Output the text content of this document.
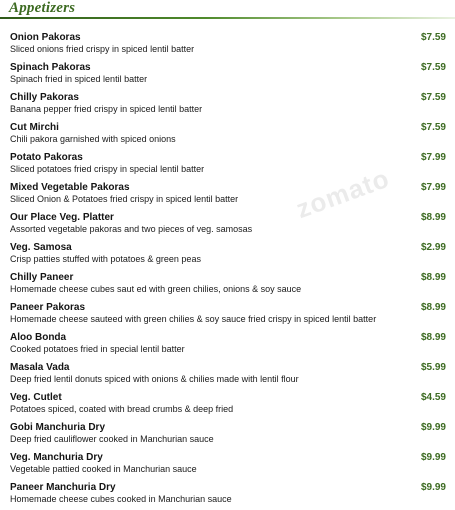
Appetizers
Onion Pakoras
Sliced onions fried crispy in spiced lentil batter
$7.59
Spinach Pakoras
Spinach fried in spiced lentil batter
$7.59
Chilly Pakoras
Banana pepper fried crispy in spiced lentil batter
$7.59
Cut Mirchi
Chili pakora garnished with spiced onions
$7.59
Potato Pakoras
Sliced potatoes fried crispy in special lentil batter
$7.99
Mixed Vegetable Pakoras
Sliced Onion & Potatoes fried crispy in spiced lentil batter
$7.99
Our Place Veg. Platter
Assorted vegetable pakoras and two pieces of veg. samosas
$8.99
Veg. Samosa
Crisp patties stuffed with potatoes & green peas
$2.99
Chilly Paneer
Homemade cheese cubes saut ed with green chilies, onions & soy sauce
$8.99
Paneer Pakoras
Homemade cheese sauteed with green chilies & soy sauce fried crispy in spiced lentil batter
$8.99
Aloo Bonda
Cooked potatoes fried in special lentil batter
$8.99
Masala Vada
Deep fried lentil donuts spiced with onions & chilies made with lentil flour
$5.99
Veg. Cutlet
Potatoes spiced, coated with bread crumbs & deep fried
$4.59
Gobi Manchuria Dry
Deep fried cauliflower cooked in Manchurian sauce
$9.99
Veg. Manchuria Dry
Vegetable pattied cooked in Manchurian sauce
$9.99
Paneer Manchuria Dry
Homemade cheese cubes cooked in Manchurian sauce
$9.99
zomato
